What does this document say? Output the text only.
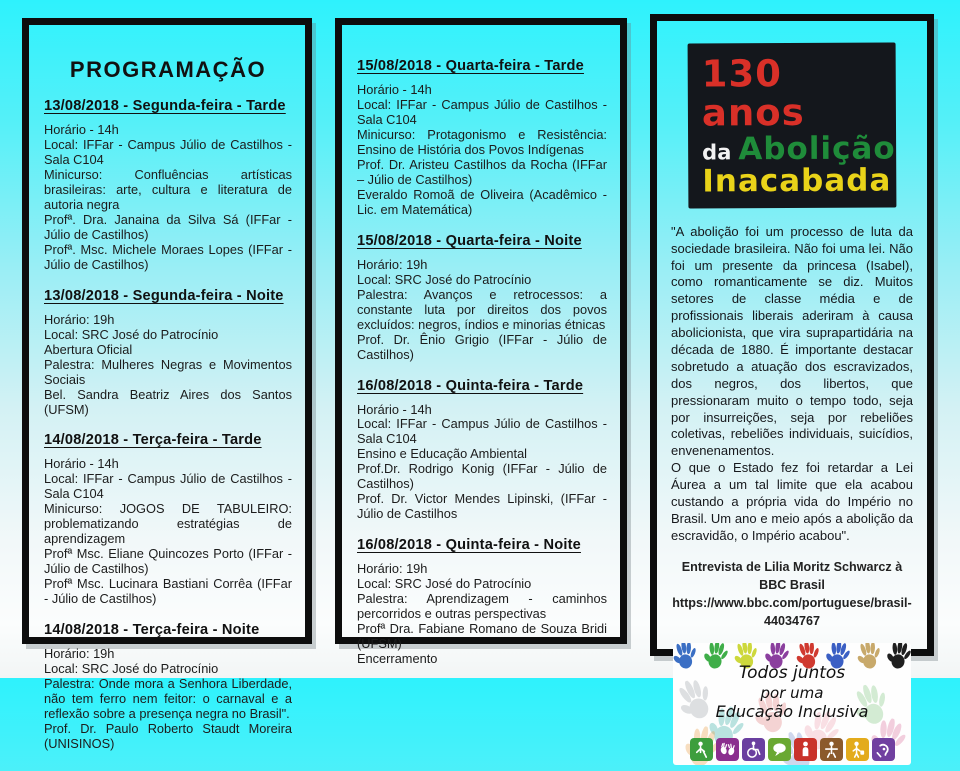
PROGRAMAÇÃO
13/08/2018 - Segunda-feira - Tarde

Horário - 14h

Local: IFFar - Campus Júlio de Castilhos - Sala C104

Minicurso: Confluências artísticas brasileiras: arte, cultura e literatura de autoria negra

Profª. Dra. Janaina da Silva Sá (IFFar - Júlio de Castilhos)

Profª. Msc. Michele Moraes Lopes (IFFar - Júlio de Castilhos)

13/08/2018 - Segunda-feira - Noite

Horário: 19h

Local: SRC José do Patrocínio

Abertura Oficial

Palestra: Mulheres Negras e Movimentos Sociais

Bel. Sandra Beatriz Aires dos Santos (UFSM)

14/08/2018 - Terça-feira - Tarde

Horário - 14h

Local: IFFar - Campus Júlio de Castilhos - Sala C104

Minicurso: JOGOS DE TABULEIRO: problematizando estratégias de aprendizagem

Profª Msc. Eliane Quincozes Porto (IFFar - Júlio de Castilhos)

Profª Msc. Lucinara Bastiani Corrêa (IFFar - Júlio de Castilhos)

14/08/2018 - Terça-feira - Noite

Horário: 19h

Local: SRC José do Patrocínio

Palestra: Onde mora a Senhora Liberdade, não tem ferro nem feitor: o carnaval e a reflexão sobre a presença negra no Brasil".

Prof. Dr. Paulo Roberto Staudt Moreira (UNISINOS)

15/08/2018 - Quarta-feira - Tarde

Horário - 14h

Local: IFFar - Campus Júlio de Castilhos - Sala C104

Minicurso: Protagonismo e Resistência: Ensino de História dos Povos Indígenas

Prof. Dr. Aristeu Castilhos da Rocha (IFFar – Júlio de Castilhos)

Everaldo Romoã de Oliveira (Acadêmico - Lic. em Matemática)

15/08/2018 - Quarta-feira - Noite

Horário: 19h

Local: SRC José do Patrocínio

Palestra: Avanços e retrocessos: a constante luta por direitos dos povos excluídos: negros, índios e minorias étnicas

Prof. Dr. Ênio Grigio (IFFar - Júlio de Castilhos)

16/08/2018 - Quinta-feira - Tarde

Horário - 14h

Local: IFFar - Campus Júlio de Castilhos - Sala C104

Ensino e Educação Ambiental

Prof.Dr. Rodrigo Konig (IFFar - Júlio de Castilhos)

Prof. Dr. Victor Mendes Lipinski, (IFFar - Júlio de Castilhos

16/08/2018 - Quinta-feira - Noite

Horário: 19h

Local: SRC José do Patrocínio

Palestra: Aprendizagem - caminhos percorridos e outras perspectivas

Profª Dra. Fabiane Romano de Souza Bridi (UFSM)

Encerramento

130 anos
da Abolição
Inacabada

"A abolição foi um processo de luta da sociedade brasileira. Não foi uma lei. Não foi um presente da princesa (Isabel), como romanticamente se diz. Muitos setores de classe média e de profissionais liberais aderiram à causa abolicionista, que vira suprapartidária na década de 1880. É importante destacar sobretudo a atuação dos escravizados, dos negros, dos libertos, que pressionaram muito o tempo todo, seja por insurreições, seja por rebeliões coletivas, rebeliões individuais, suicídios, envenenamentos.

O que o Estado fez foi retardar a Lei Áurea a um tal limite que ela acabou custando a própria vida do Império no Brasil. Um ano e meio após a abolição da escravidão, o Império acabou".

Entrevista de Lilia Moritz Schwarcz à BBC Brasil

https://www.bbc.com/portuguese/brasil-44034767

Todos juntos
por uma
Educação Inclusiva
